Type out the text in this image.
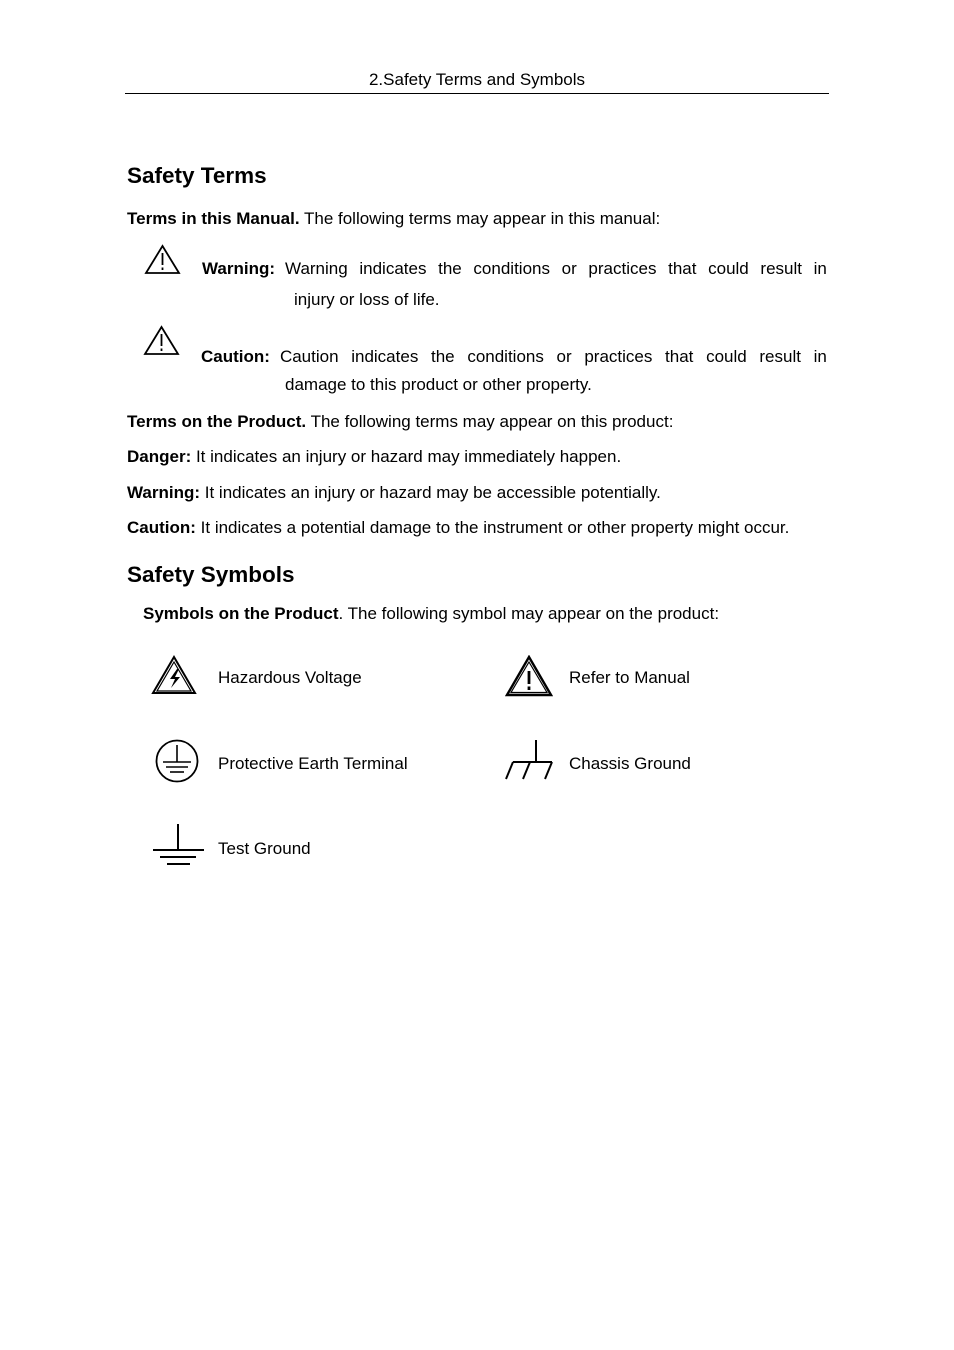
2.Safety Terms and Symbols
Safety Terms
Terms in this Manual. The following terms may appear in this manual:
Warning: Warning indicates the conditions or practices that could result in
injury or loss of life.
Caution: Caution indicates the conditions or practices that could result in
damage to this product or other property.
Terms on the Product. The following terms may appear on this product:
Danger: It indicates an injury or hazard may immediately happen.
Warning: It indicates an injury or hazard may be accessible potentially.
Caution: It indicates a potential damage to the instrument or other property might occur.
Safety Symbols
Symbols on the Product. The following symbol may appear on the product:
Hazardous Voltage	Refer to Manual
Protective Earth Terminal	Chassis Ground
Test Ground
